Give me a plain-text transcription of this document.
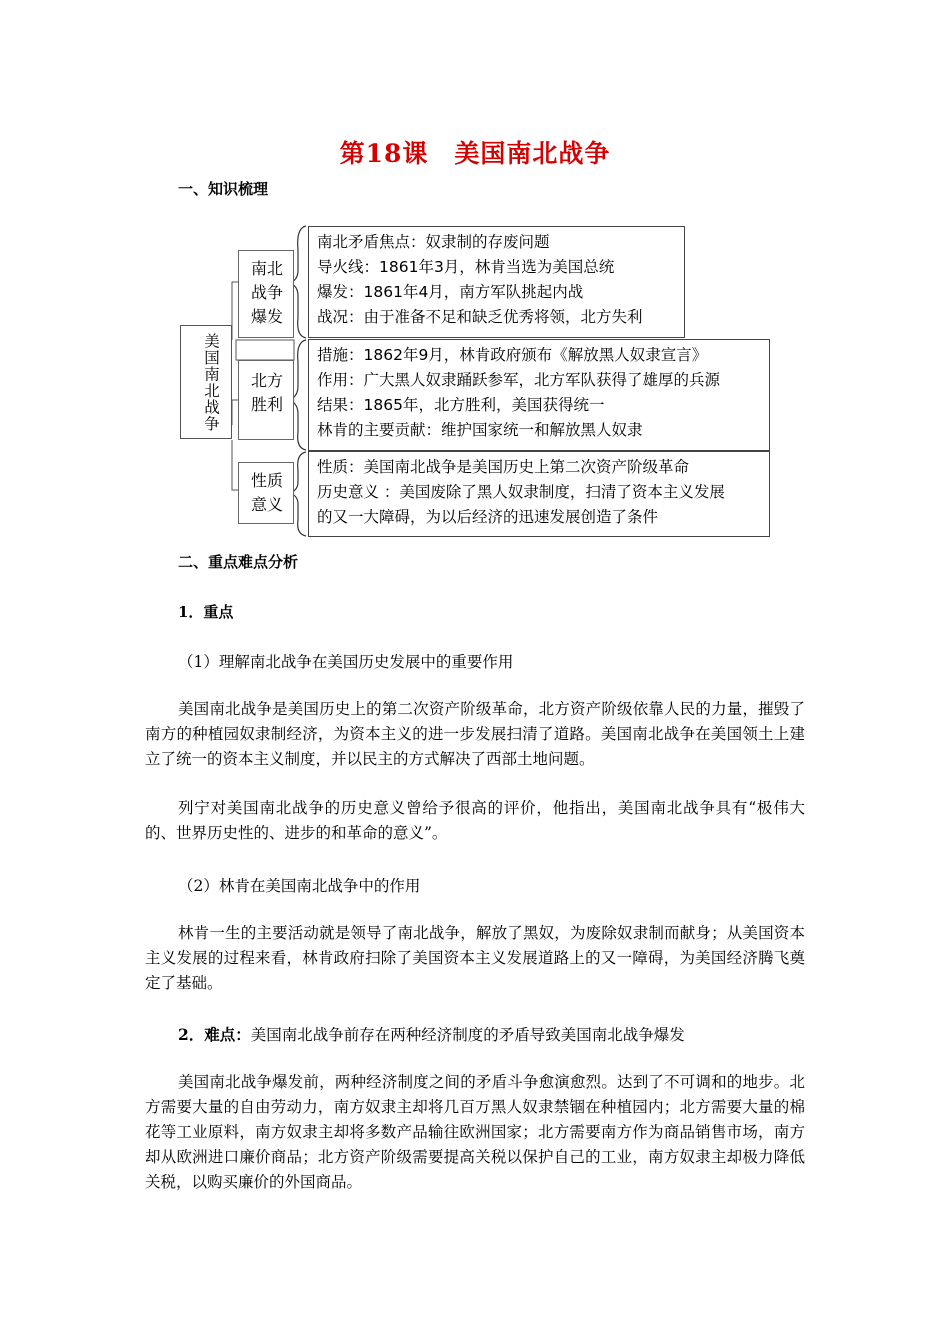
第18课 美国南北战争
一、知识梳理
美国南北战争
南北战争爆发
南北矛盾焦点：奴隶制的存废问题
导火线：1861年3月，林肯当选为美国总统
爆发：1861年4月，南方军队挑起内战
战况：由于准备不足和缺乏优秀将领，北方失利
北方胜利
措施：1862年9月，林肯政府颁布《解放黑人奴隶宣言》
作用：广大黑人奴隶踊跃参军，北方军队获得了雄厚的兵源
结果：1865年，北方胜利，美国获得统一
林肯的主要贡献：维护国家统一和解放黑人奴隶
性质意义
性质：美国南北战争是美国历史上第二次资产阶级革命
历史意义 ：美国废除了黑人奴隶制度，扫清了资本主义发展
的又一大障碍，为以后经济的迅速发展创造了条件
二、重点难点分析
1．重点
（1）理解南北战争在美国历史发展中的重要作用
美国南北战争是美国历史上的第二次资产阶级革命，北方资产阶级依靠人民的力量，摧毁了南方的种植园奴隶制经济，为资本主义的进一步发展扫清了道路。美国南北战争在美国领土上建立了统一的资本主义制度，并以民主的方式解决了西部土地问题。
列宁对美国南北战争的历史意义曾给予很高的评价，他指出，美国南北战争具有“极伟大的、世界历史性的、进步的和革命的意义”。
（2）林肯在美国南北战争中的作用
林肯一生的主要活动就是领导了南北战争，解放了黑奴，为废除奴隶制而献身；从美国资本主义发展的过程来看，林肯政府扫除了美国资本主义发展道路上的又一障碍，为美国经济腾飞奠定了基础。
2．难点：美国南北战争前存在两种经济制度的矛盾导致美国南北战争爆发
美国南北战争爆发前，两种经济制度之间的矛盾斗争愈演愈烈。达到了不可调和的地步。北方需要大量的自由劳动力，南方奴隶主却将几百万黑人奴隶禁锢在种植园内；北方需要大量的棉花等工业原料，南方奴隶主却将多数产品输往欧洲国家；北方需要南方作为商品销售市场，南方却从欧洲进口廉价商品；北方资产阶级需要提高关税以保护自己的工业，南方奴隶主却极力降低关税，以购买廉价的外国商品。
